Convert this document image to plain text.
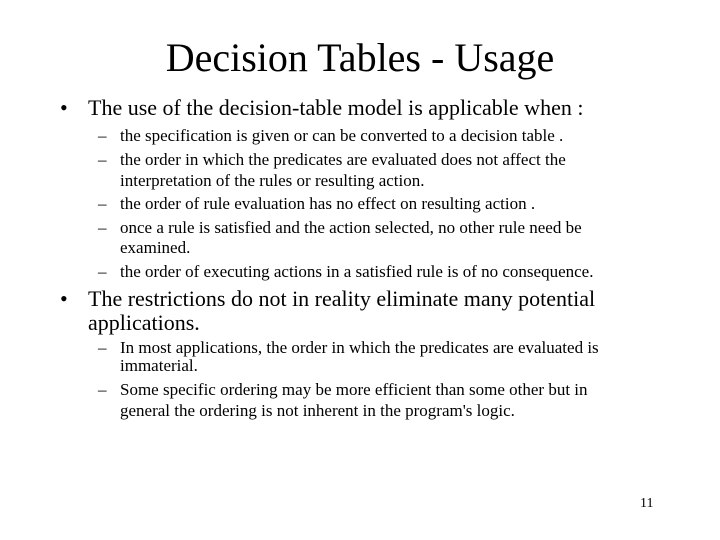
Decision Tables - Usage
• The use of the decision-table model is applicable when :
– the specification is given or can be converted to a decision table .
– the order in which the predicates are evaluated does not affect the
interpretation of the rules or resulting action.
– the order of rule evaluation has no effect on resulting action .
– once a rule is satisfied and the action selected, no other rule need be
examined.
– the order of executing actions in a satisfied rule is of no consequence.
• The restrictions do not in reality eliminate many potential
applications.
– In most applications, the order in which the predicates are evaluated is
immaterial.
– Some specific ordering may be more efficient than some other but in
general the ordering is not inherent in the program's logic.
11
